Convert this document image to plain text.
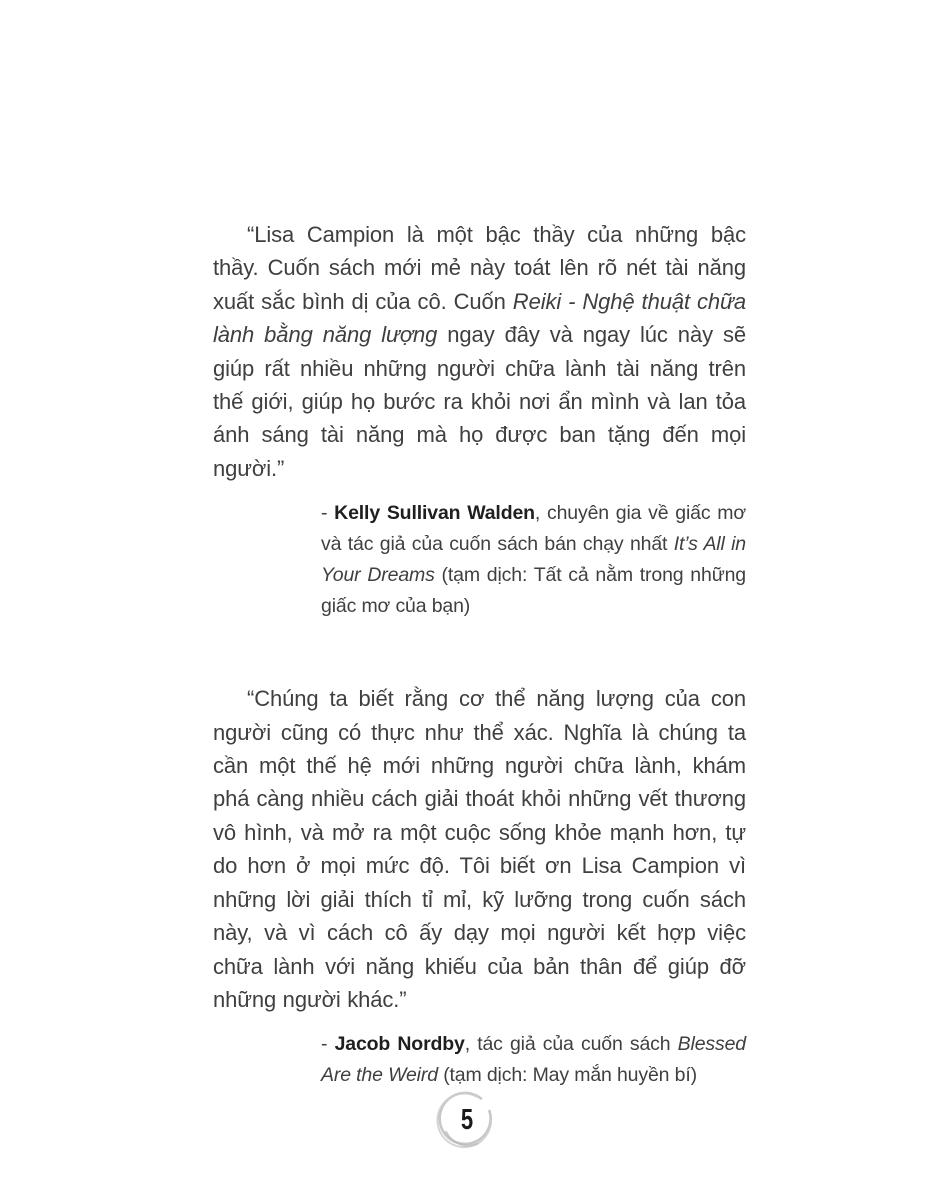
“Lisa Campion là một bậc thầy của những bậc thầy. Cuốn sách mới mẻ này toát lên rõ nét tài năng xuất sắc bình dị của cô. Cuốn Reiki - Nghệ thuật chữa lành bằng năng lượng ngay đây và ngay lúc này sẽ giúp rất nhiều những người chữa lành tài năng trên thế giới, giúp họ bước ra khỏi nơi ẩn mình và lan tỏa ánh sáng tài năng mà họ được ban tặng đến mọi người.”

- Kelly Sullivan Walden, chuyên gia về giấc mơ và tác giả của cuốn sách bán chạy nhất It’s All in Your Dreams (tạm dịch: Tất cả nằm trong những giấc mơ của bạn)

“Chúng ta biết rằng cơ thể năng lượng của con người cũng có thực như thể xác. Nghĩa là chúng ta cần một thế hệ mới những người chữa lành, khám phá càng nhiều cách giải thoát khỏi những vết thương vô hình, và mở ra một cuộc sống khỏe mạnh hơn, tự do hơn ở mọi mức độ. Tôi biết ơn Lisa Campion vì những lời giải thích tỉ mỉ, kỹ lưỡng trong cuốn sách này, và vì cách cô ấy dạy mọi người kết hợp việc chữa lành với năng khiếu của bản thân để giúp đỡ những người khác.”

- Jacob Nordby, tác giả của cuốn sách Blessed Are the Weird (tạm dịch: May mắn huyền bí)

5
